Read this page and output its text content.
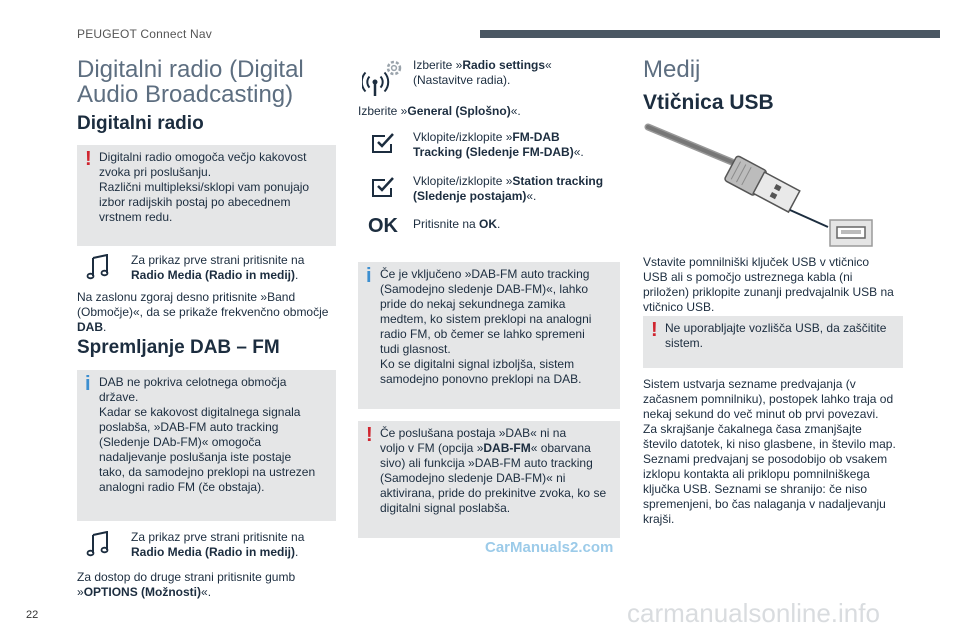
PEUGEOT Connect Nav
Digitalni radio (Digital
Audio Broadcasting)
Digitalni radio
! Digitalni radio omogoča večjo kakovost
zvoka pri poslušanju.
Različni multipleksi/sklopi vam ponujajo
izbor radijskih postaj po abecednem
vrstnem redu.
Za prikaz prve strani pritisnite na
Radio Media (Radio in medij).
Na zaslonu zgoraj desno pritisnite »Band
(Območje)«, da se prikaže frekvenčno območje
DAB.
Spremljanje DAB – FM
i DAB ne pokriva celotnega območja
države.
Kadar se kakovost digitalnega signala
poslabša, »DAB-FM auto tracking
(Sledenje DAb-FM)« omogoča
nadaljevanje poslušanja iste postaje
tako, da samodejno preklopi na ustrezen
analogni radio FM (če obstaja).
Za prikaz prve strani pritisnite na
Radio Media (Radio in medij).
Za dostop do druge strani pritisnite gumb
»OPTIONS (Možnosti)«.
Izberite »Radio settings«
(Nastavitve radia).
Izberite »General (Splošno)«.
Vklopite/izklopite »FM-DAB
Tracking (Sledenje FM-DAB)«.
Vklopite/izklopite »Station tracking
(Sledenje postajam)«.
OK Pritisnite na OK.
i Če je vključeno »DAB-FM auto tracking
(Samodejno sledenje DAB-FM)«, lahko
pride do nekaj sekundnega zamika
medtem, ko sistem preklopi na analogni
radio FM, ob čemer se lahko spremeni
tudi glasnost.
Ko se digitalni signal izboljša, sistem
samodejno ponovno preklopi na DAB.
! Če poslušana postaja »DAB« ni na
voljo v FM (opcija »DAB-FM« obarvana
sivo) ali funkcija »DAB-FM auto tracking
(Samodejno sledenje DAB-FM)« ni
aktivirana, pride do prekinitve zvoka, ko se
digitalni signal poslabša.
Medij
Vtičnica USB
Vstavite pomnilniški ključek USB v vtičnico
USB ali s pomočjo ustreznega kabla (ni
priložen) priklopite zunanji predvajalnik USB na
vtičnico USB.
! Ne uporabljajte vozlišča USB, da zaščitite
sistem.
Sistem ustvarja sezname predvajanja (v
začasnem pomnilniku), postopek lahko traja od
nekaj sekund do več minut ob prvi povezavi.
Za skrajšanje čakalnega časa zmanjšajte
število datotek, ki niso glasbene, in število map.
Seznami predvajanj se posodobijo ob vsakem
izklopu kontakta ali priklopu pomnilniškega
ključka USB. Seznami se shranijo: če niso
spremenjeni, bo čas nalaganja v nadaljevanju
krajši.
22
CarManuals2.com
carmanualsonline.info
